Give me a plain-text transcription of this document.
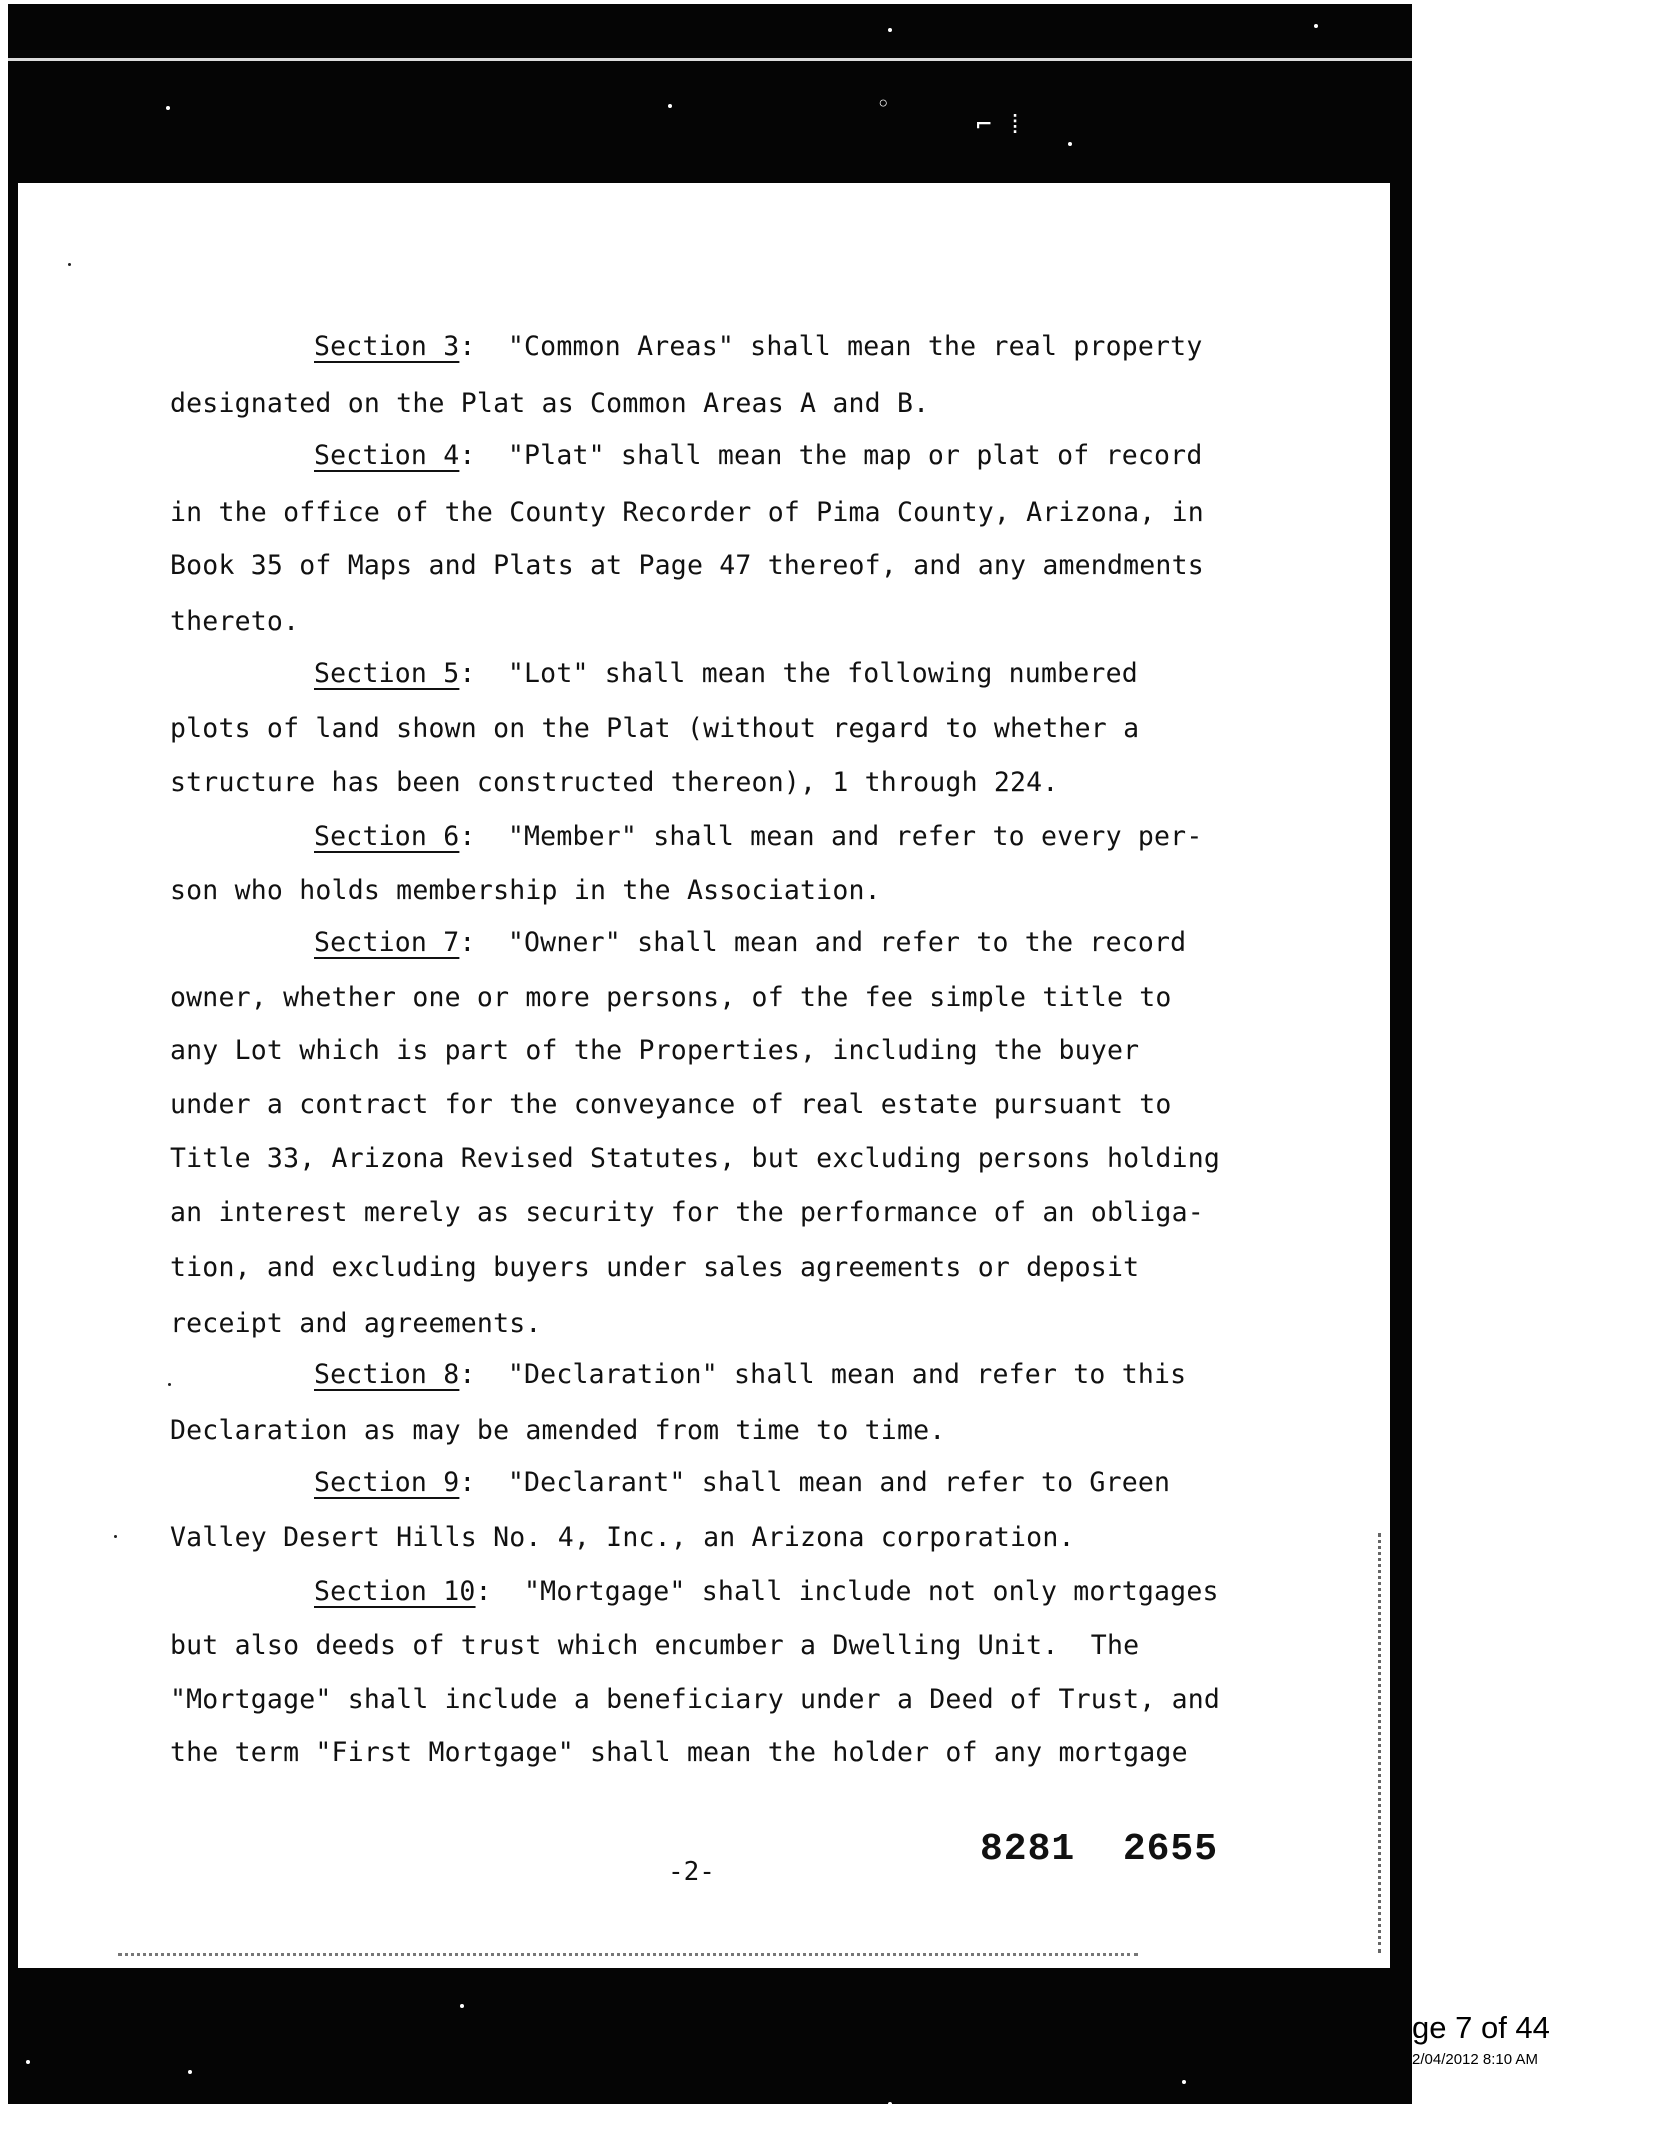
◦
⌐ ⁞

Section 3:  "Common Areas" shall mean the real property

designated on the Plat as Common Areas A and B.

Section 4:  "Plat" shall mean the map or plat of record

in the office of the County Recorder of Pima County, Arizona, in

Book 35 of Maps and Plats at Page 47 thereof, and any amendments

thereto.

Section 5:  "Lot" shall mean the following numbered

plots of land shown on the Plat (without regard to whether a

structure has been constructed thereon), 1 through 224.

Section 6:  "Member" shall mean and refer to every per-

son who holds membership in the Association.

Section 7:  "Owner" shall mean and refer to the record

owner, whether one or more persons, of the fee simple title to

any Lot which is part of the Properties, including the buyer

under a contract for the conveyance of real estate pursuant to

Title 33, Arizona Revised Statutes, but excluding persons holding

an interest merely as security for the performance of an obliga-

tion, and excluding buyers under sales agreements or deposit

receipt and agreements.

Section 8:  "Declaration" shall mean and refer to this

Declaration as may be amended from time to time.

Section 9:  "Declarant" shall mean and refer to Green

Valley Desert Hills No. 4, Inc., an Arizona corporation.

Section 10:  "Mortgage" shall include not only mortgages

but also deeds of trust which encumber a Dwelling Unit.  The

"Mortgage" shall include a beneficiary under a Deed of Trust, and

the term "First Mortgage" shall mean the holder of any mortgage

-2-
8281  2655
ge 7 of 44
2/04/2012 8:10 AM
